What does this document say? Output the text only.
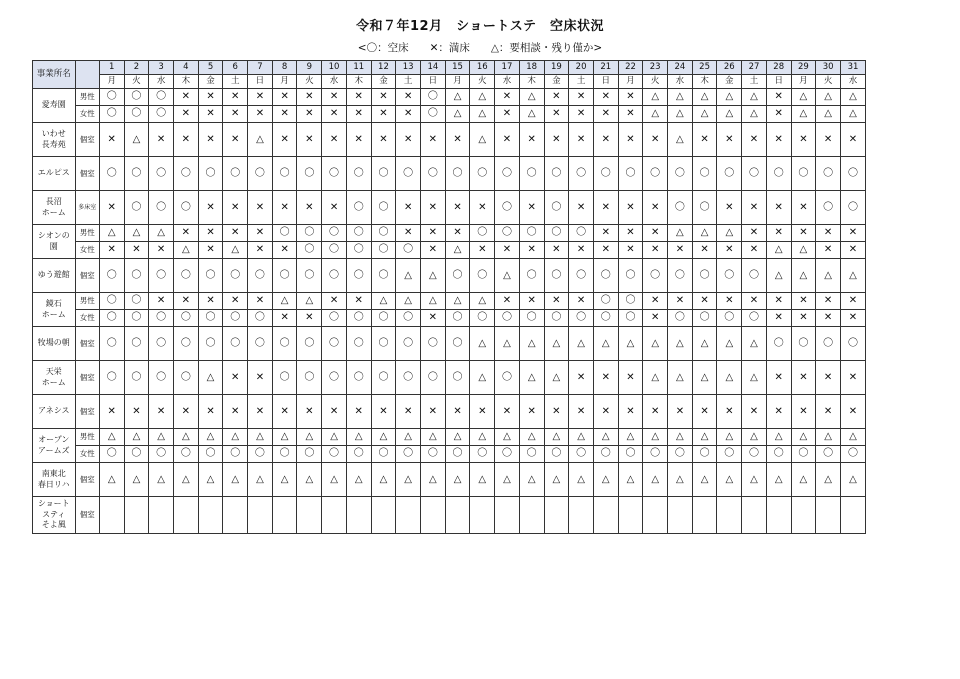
令和７年12月　ショートステ　空床状況
<〇：空床　　✕：満床　　△：要相談・残り僅か>
事業所名		1	2	3	4	5	6	7	8	9	10	11	12	13	14	15	16	17	18	19	20	21	22	23	24	25	26	27	28	29	30	31
		月	火	水	木	金	土	日	月	火	水	木	金	土	日	月	火	水	木	金	土	日	月	火	水	木	金	土	日	月	火	水
愛寿園	男性	〇	〇	〇	✕	✕	✕	✕	✕	✕	✕	✕	✕	✕	〇	△	△	✕	△	✕	✕	✕	✕	△	△	△	△	△	✕	△	△	△
	女性	〇	〇	〇	✕	✕	✕	✕	✕	✕	✕	✕	✕	✕	〇	△	△	✕	△	✕	✕	✕	✕	△	△	△	△	△	✕	△	△	△
いわせ
長寿苑	個室	✕	△	✕	✕	✕	✕	△	✕	✕	✕	✕	✕	✕	✕	✕	△	✕	✕	✕	✕	✕	✕	✕	△	✕	✕	✕	✕	✕	✕	✕
エルピス	個室	〇	〇	〇	〇	〇	〇	〇	〇	〇	〇	〇	〇	〇	〇	〇	〇	〇	〇	〇	〇	〇	〇	〇	〇	〇	〇	〇	〇	〇	〇	〇
長沼
ホーム	多床室	✕	〇	〇	〇	✕	✕	✕	✕	✕	✕	〇	〇	✕	✕	✕	✕	〇	✕	〇	✕	✕	✕	✕	〇	〇	✕	✕	✕	✕	〇	〇
シオンの
園	男性	△	△	△	✕	✕	✕	✕	〇	〇	〇	〇	〇	✕	✕	✕	〇	〇	〇	〇	〇	✕	✕	✕	△	△	△	✕	✕	✕	✕	✕
	女性	✕	✕	✕	△	✕	△	✕	✕	〇	〇	〇	〇	〇	✕	△	✕	✕	✕	✕	✕	✕	✕	✕	✕	✕	✕	✕	△	△	✕	✕
ゆう遊館	個室	〇	〇	〇	〇	〇	〇	〇	〇	〇	〇	〇	〇	△	△	〇	〇	△	〇	〇	〇	〇	〇	〇	〇	〇	〇	〇	△	△	△	△
鏡石
ホーム	男性	〇	〇	✕	✕	✕	✕	✕	△	△	✕	✕	△	△	△	△	△	✕	✕	✕	✕	〇	〇	✕	✕	✕	✕	✕	✕	✕	✕	✕
	女性	〇	〇	〇	〇	〇	〇	〇	✕	✕	〇	〇	〇	〇	✕	〇	〇	〇	〇	〇	〇	〇	〇	✕	〇	〇	〇	〇	✕	✕	✕	✕
牧場の朝	個室	〇	〇	〇	〇	〇	〇	〇	〇	〇	〇	〇	〇	〇	〇	〇	△	△	△	△	△	△	△	△	△	△	△	△	〇	〇	〇	〇
天栄
ホーム	個室	〇	〇	〇	〇	△	✕	✕	〇	〇	〇	〇	〇	〇	〇	〇	△	〇	△	△	✕	✕	✕	△	△	△	△	△	✕	✕	✕	✕
アネシス	個室	✕	✕	✕	✕	✕	✕	✕	✕	✕	✕	✕	✕	✕	✕	✕	✕	✕	✕	✕	✕	✕	✕	✕	✕	✕	✕	✕	✕	✕	✕	✕
オープン
アームズ	男性	△	△	△	△	△	△	△	△	△	△	△	△	△	△	△	△	△	△	△	△	△	△	△	△	△	△	△	△	△	△	△
	女性	〇	〇	〇	〇	〇	〇	〇	〇	〇	〇	〇	〇	〇	〇	〇	〇	〇	〇	〇	〇	〇	〇	〇	〇	〇	〇	〇	〇	〇	〇	〇
南東北
春日リハ	個室	△	△	△	△	△	△	△	△	△	△	△	△	△	△	△	△	△	△	△	△	△	△	△	△	△	△	△	△	△	△	△
ショート
スティ
そよ風	個室																															
